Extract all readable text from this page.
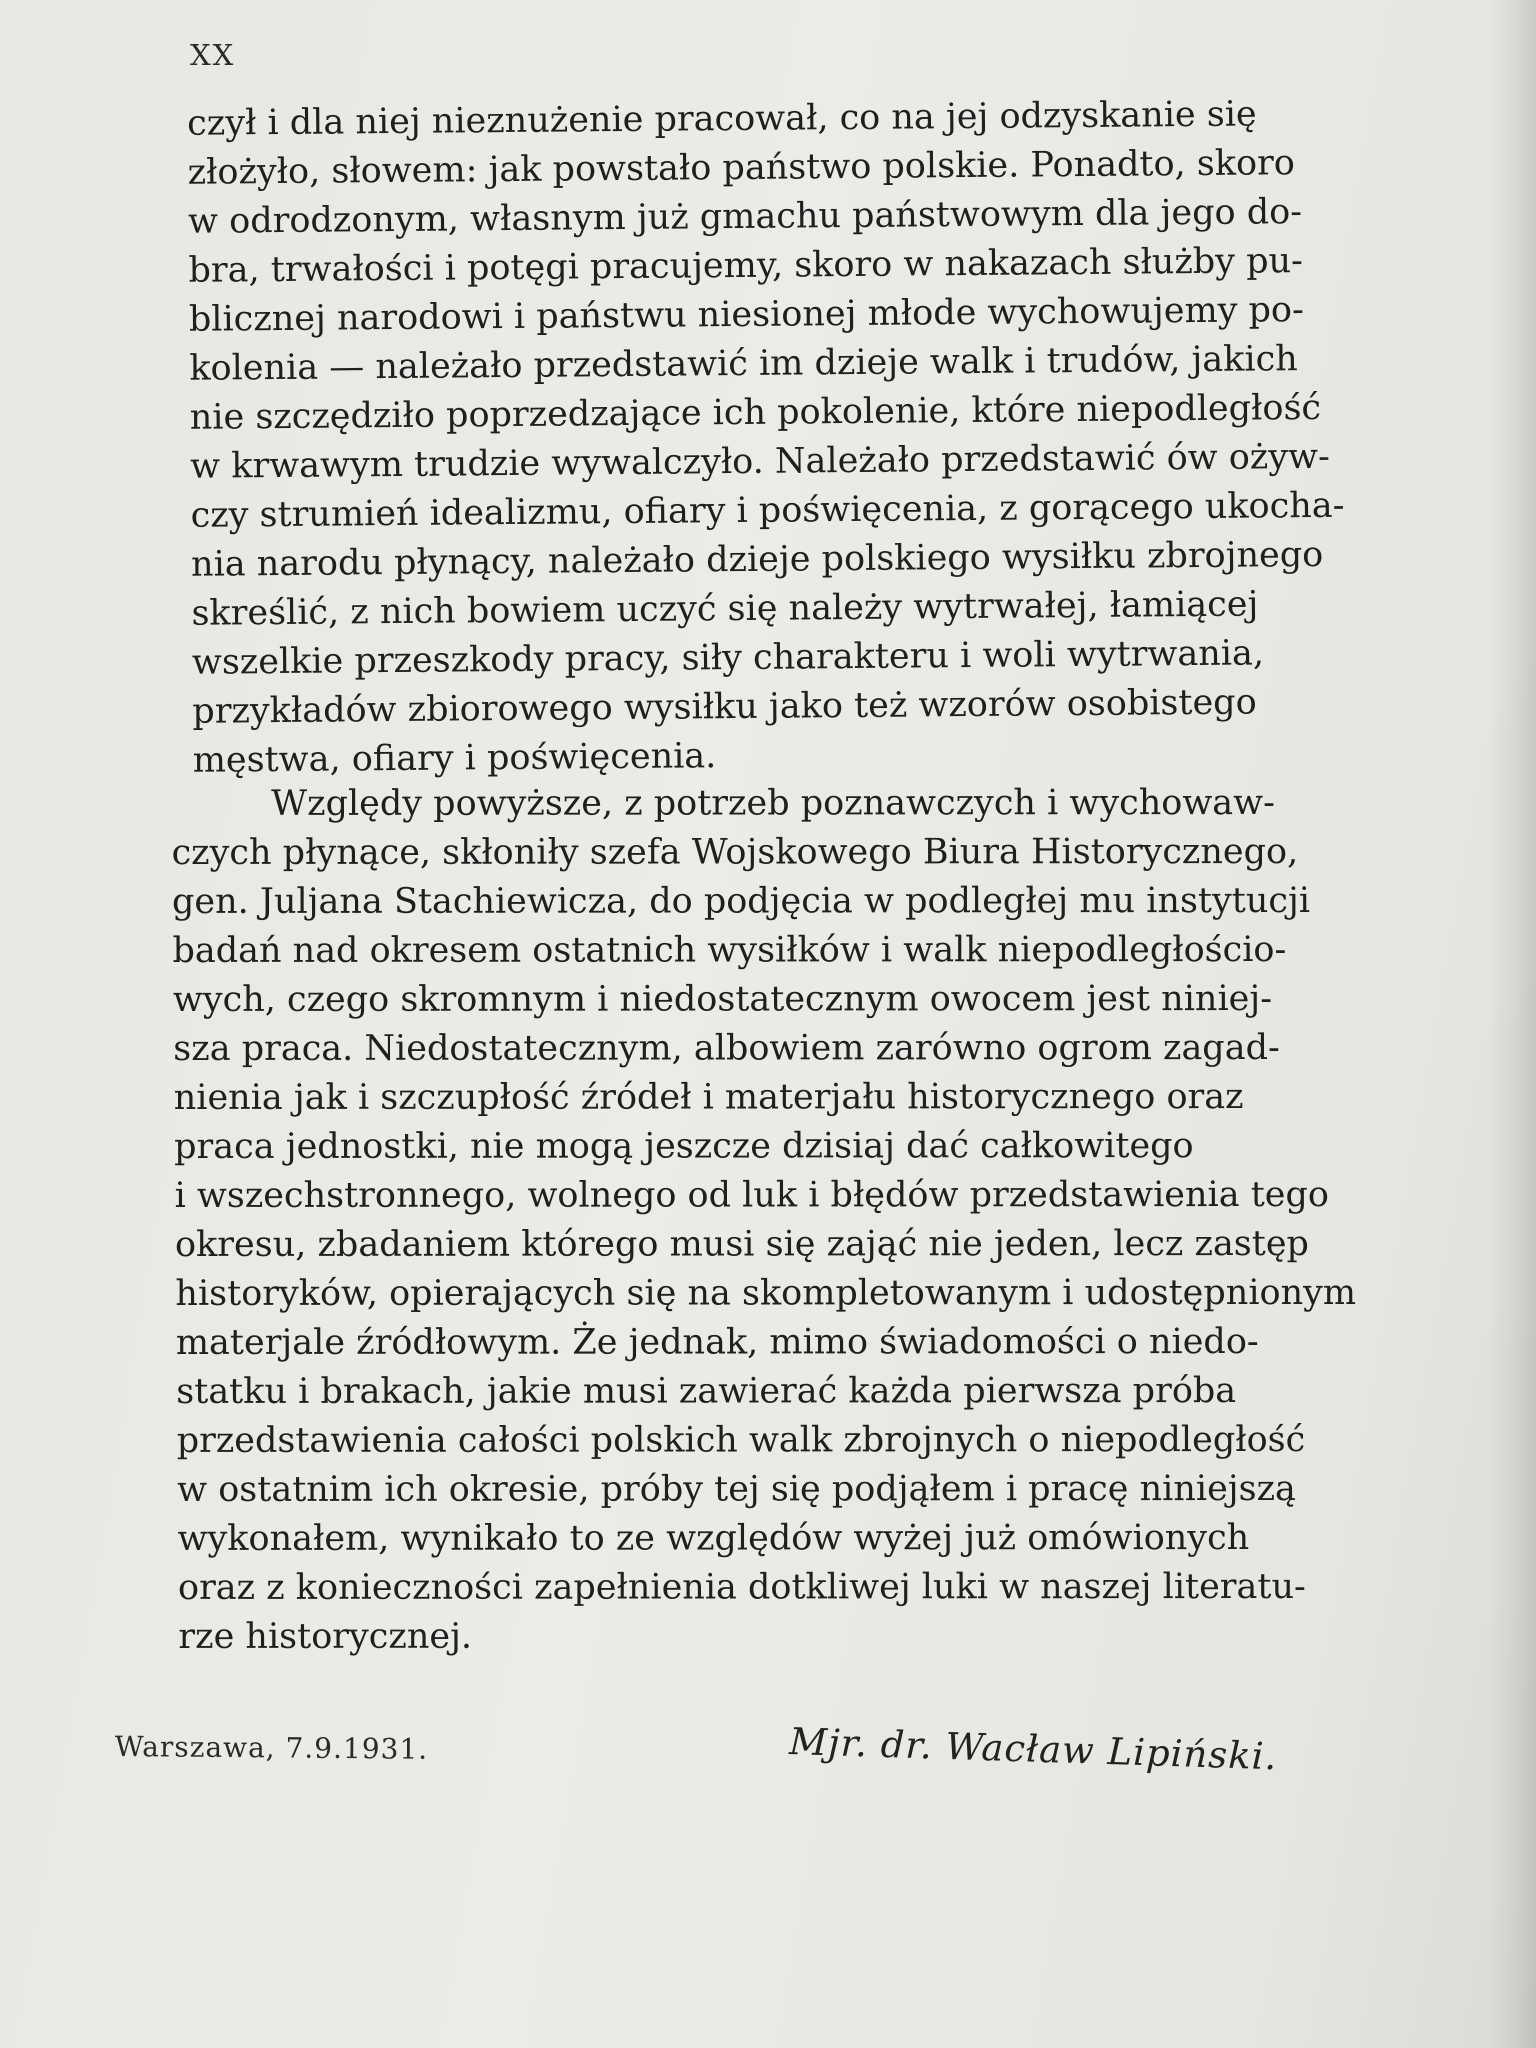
XX
czył i dla niej nieznużenie pracował, co na jej odzyskanie się
złożyło, słowem: jak powstało państwo polskie. Ponadto, skoro
w odrodzonym, własnym już gmachu państwowym dla jego do-
bra, trwałości i potęgi pracujemy, skoro w nakazach służby pu-
blicznej narodowi i państwu niesionej młode wychowujemy po-
kolenia — należało przedstawić im dzieje walk i trudów, jakich
nie szczędziło poprzedzające ich pokolenie, które niepodległość
w krwawym trudzie wywalczyło. Należało przedstawić ów ożyw-
czy strumień idealizmu, ofiary i poświęcenia, z gorącego ukocha-
nia narodu płynący, należało dzieje polskiego wysiłku zbrojnego
skreślić, z nich bowiem uczyć się należy wytrwałej, łamiącej
wszelkie przeszkody pracy, siły charakteru i woli wytrwania,
przykładów zbiorowego wysiłku jako też wzorów osobistego
męstwa, ofiary i poświęcenia.
Względy powyższe, z potrzeb poznawczych i wychowaw-
czych płynące, skłoniły szefa Wojskowego Biura Historycznego,
gen. Juljana Stachiewicza, do podjęcia w podległej mu instytucji
badań nad okresem ostatnich wysiłków i walk niepodległościo-
wych, czego skromnym i niedostatecznym owocem jest niniej-
sza praca. Niedostatecznym, albowiem zarówno ogrom zagad-
nienia jak i szczupłość źródeł i materjału historycznego oraz
praca jednostki, nie mogą jeszcze dzisiaj dać całkowitego
i wszechstronnego, wolnego od luk i błędów przedstawienia tego
okresu, zbadaniem którego musi się zająć nie jeden, lecz zastęp
historyków, opierających się na skompletowanym i udostępnionym
materjale źródłowym. Że jednak, mimo świadomości o niedo-
statku i brakach, jakie musi zawierać każda pierwsza próba
przedstawienia całości polskich walk zbrojnych o niepodległość
w ostatnim ich okresie, próby tej się podjąłem i pracę niniejszą
wykonałem, wynikało to ze względów wyżej już omówionych
oraz z konieczności zapełnienia dotkliwej luki w naszej literatu-
rze historycznej.
Mjr. dr. Wacław Lipiński.
Warszawa, 7.9.1931.
